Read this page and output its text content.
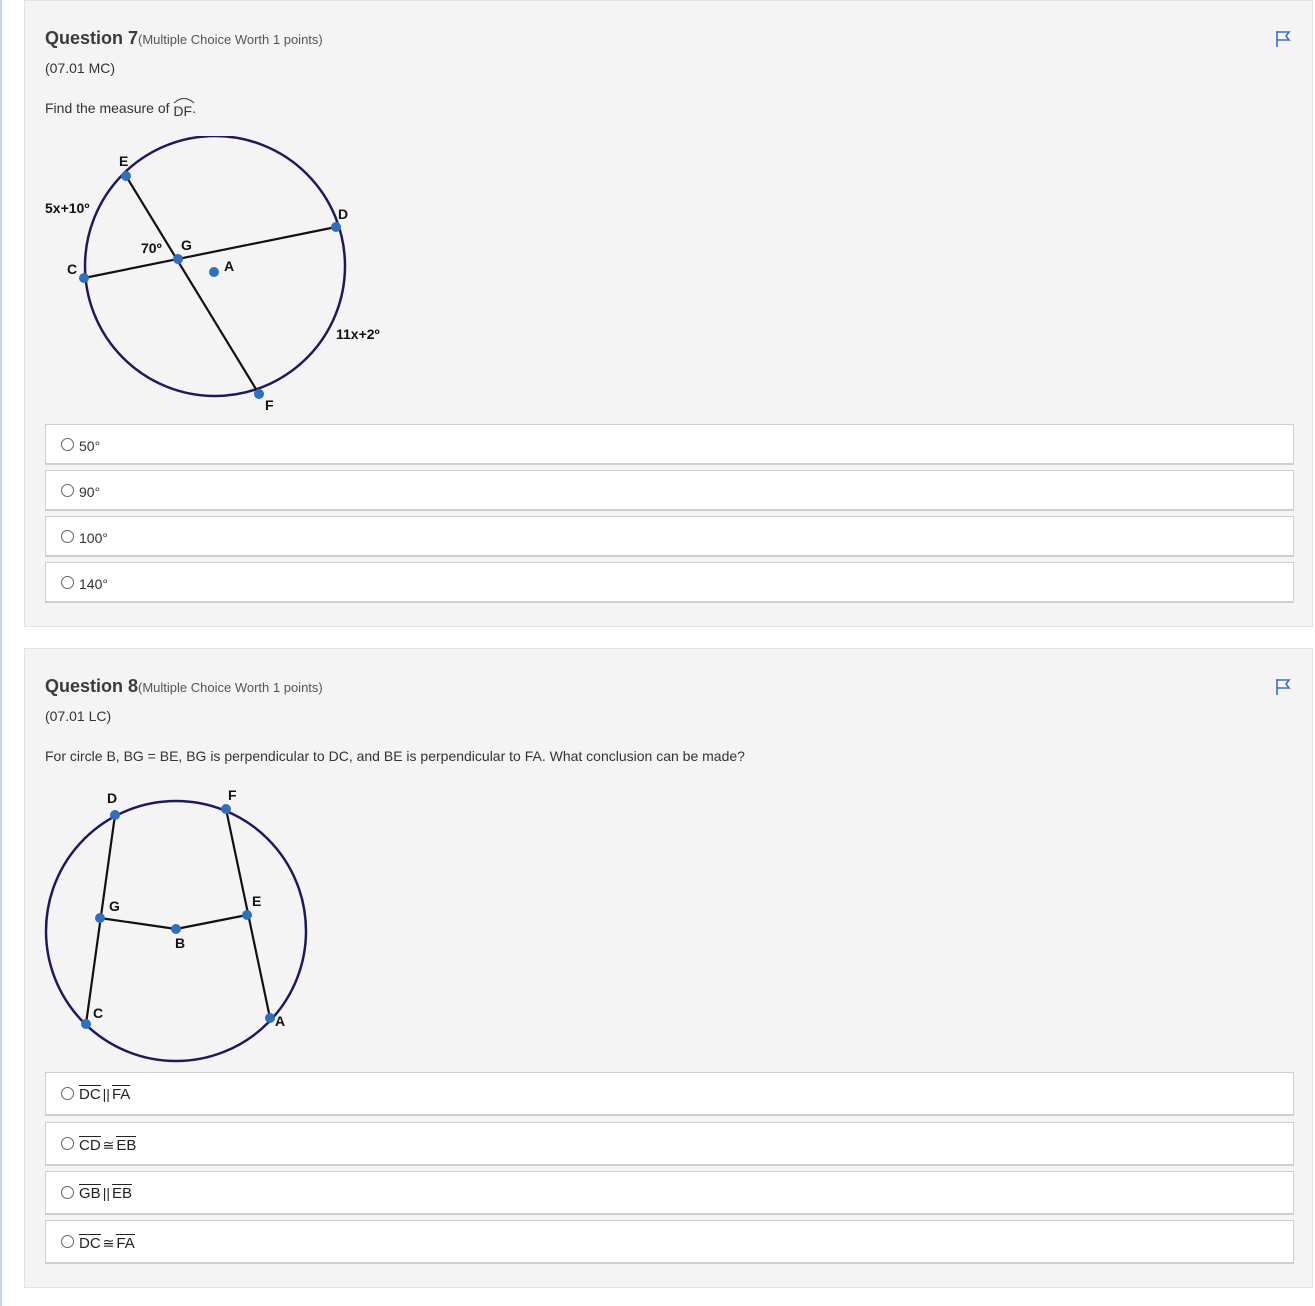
Question 7(Multiple Choice Worth 1 points)
(07.01 MC)
Find the measure of DF.
E
D
C
G
A
F
5x+10º
70º
11x+2º
50°
90°
100°
140°
Question 8(Multiple Choice Worth 1 points)
(07.01 LC)
For circle B, BG = BE, BG is perpendicular to DC, and BE is perpendicular to FA. What conclusion can be made?
D	F
G	E
B
C	A
DC || FA
CD ≅ EB
GB || EB
DC ≅ FA
